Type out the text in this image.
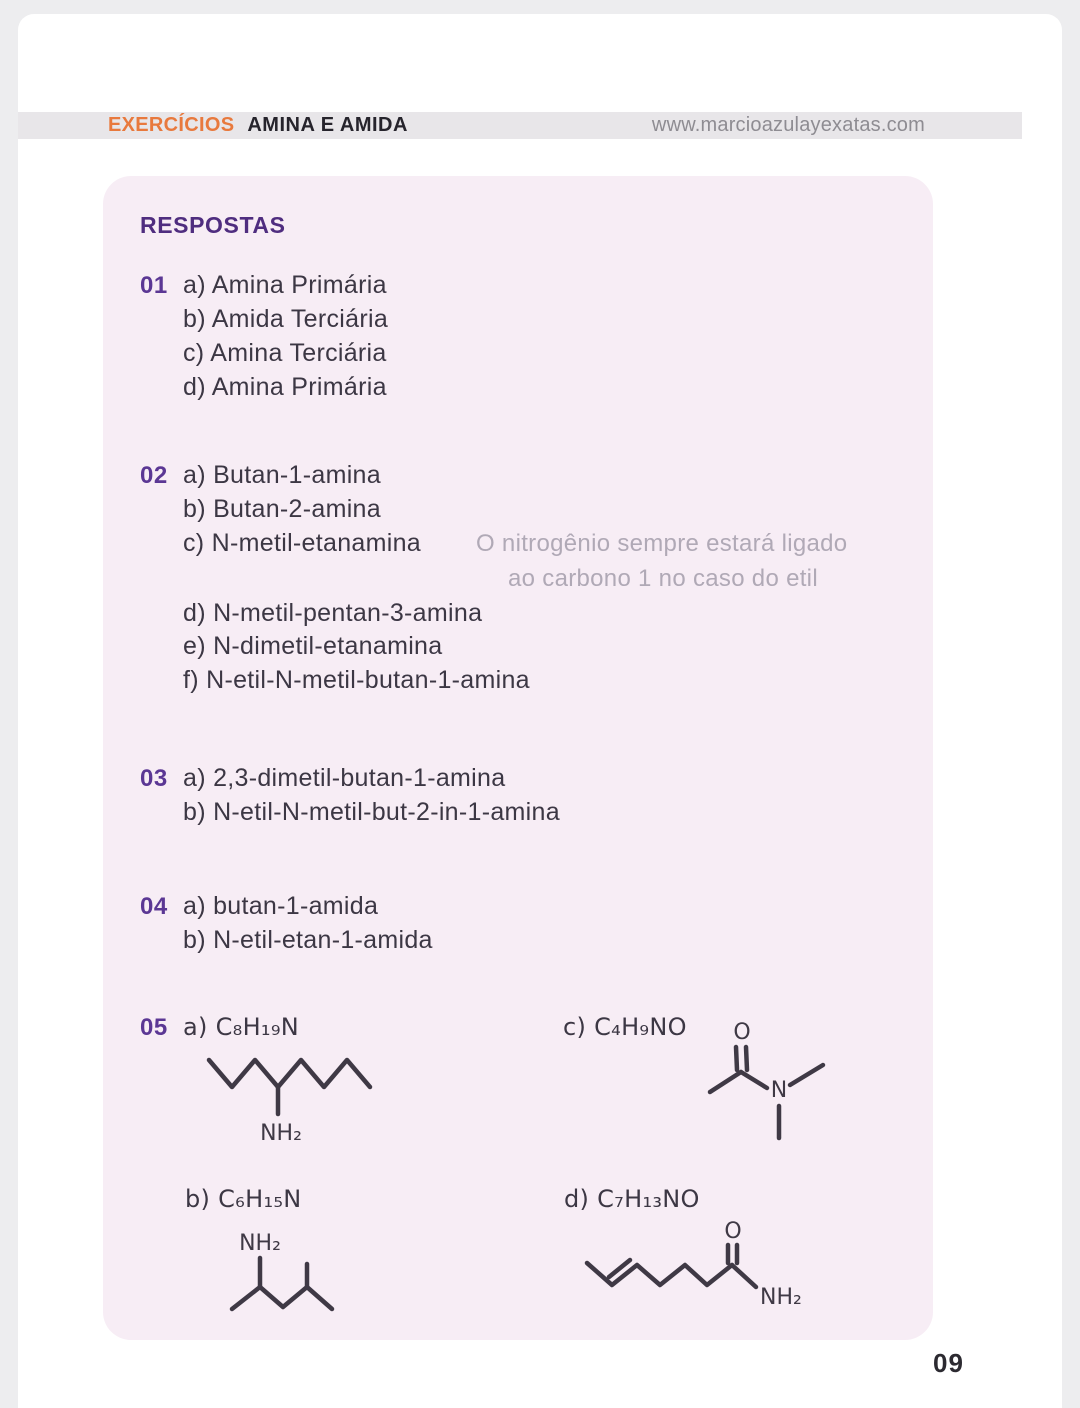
EXERCÍCIOS AMINA E AMIDA	www.marcioazulayexatas.com
RESPOSTAS
01 a) Amina Primária
b) Amida Terciária
c) Amina Terciária
d) Amina Primária
02 a) Butan-1-amina
b) Butan-2-amina
c) N-metil-etanamina O nitrogênio sempre estará ligado
ao carbono 1 no caso do etil
d) N-metil-pentan-3-amina
e) N-dimetil-etanamina
f) N-etil-N-metil-butan-1-amina
03 a) 2,3-dimetil-butan-1-amina
b) N-etil-N-metil-but-2-in-1-amina
04 a) butan-1-amida
b) N-etil-etan-1-amida
05 a) C₈H₁₉N	c) C₄H₉NO
b) C₆H₁₅N	d) C₇H₁₃NO
NH₂
O
N
NH₂	O
NH₂
09
